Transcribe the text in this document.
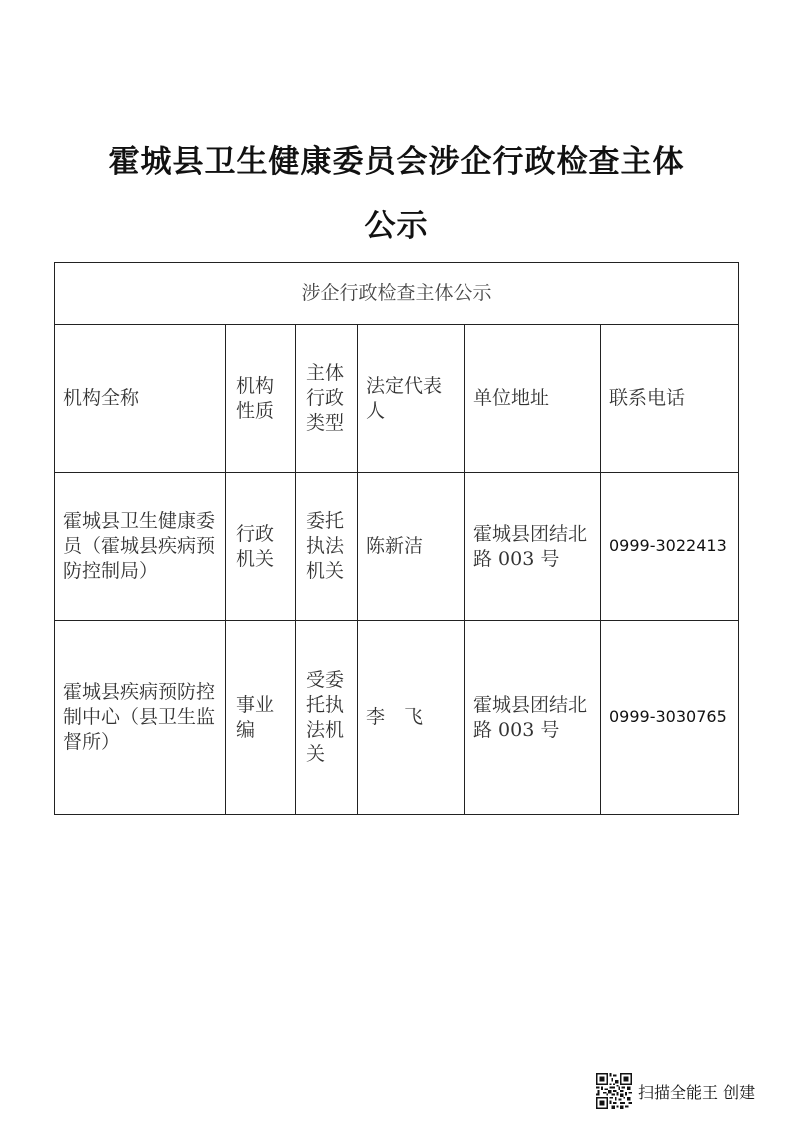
霍城县卫生健康委员会涉企行政检查主体
公示
涉企行政检查主体公示					
机构全称	机构性质	主体行政类型	法定代表人	单位地址	联系电话
霍城县卫生健康委员（霍城县疾病预防控制局）	行政机关	委托执法机关	陈新洁	霍城县团结北路 003 号	0999-3022413
霍城县疾病预防控制中心（县卫生监督所）	事业编	受委托执法机关	李　飞	霍城县团结北路 003 号	0999-3030765
扫描全能王 创建
